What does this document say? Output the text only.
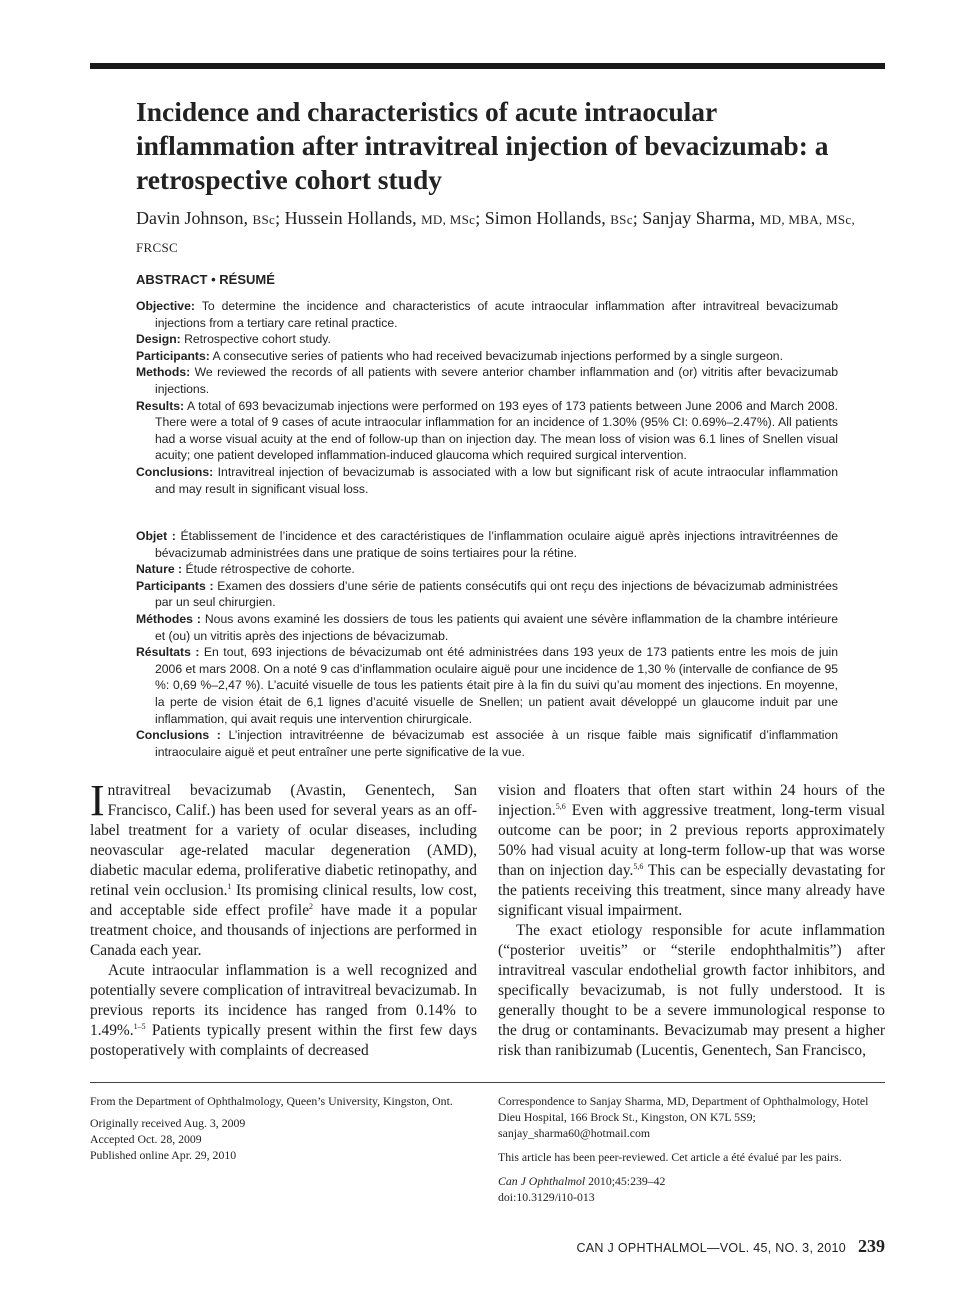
Incidence and characteristics of acute intraocular inflammation after intravitreal injection of bevacizumab: a retrospective cohort study
Davin Johnson, BSc; Hussein Hollands, MD, MSc; Simon Hollands, BSc; Sanjay Sharma, MD, MBA, MSc, FRCSC
ABSTRACT • RÉSUMÉ

Objective: To determine the incidence and characteristics of acute intraocular inflammation after intravitreal bevacizumab injections from a tertiary care retinal practice.

Design: Retrospective cohort study.

Participants: A consecutive series of patients who had received bevacizumab injections performed by a single surgeon.

Methods: We reviewed the records of all patients with severe anterior chamber inflammation and (or) vitritis after bevacizumab injections.

Results: A total of 693 bevacizumab injections were performed on 193 eyes of 173 patients between June 2006 and March 2008. There were a total of 9 cases of acute intraocular inflammation for an incidence of 1.30% (95% CI: 0.69%–2.47%). All patients had a worse visual acuity at the end of follow-up than on injection day. The mean loss of vision was 6.1 lines of Snellen visual acuity; one patient developed inflammation-induced glaucoma which required surgical intervention.

Conclusions: Intravitreal injection of bevacizumab is associated with a low but significant risk of acute intraocular inflammation and may result in significant visual loss.

Objet : Établissement de l’incidence et des caractéristiques de l’inflammation oculaire aiguë après injections intravitréennes de bévacizumab administrées dans une pratique de soins tertiaires pour la rétine.

Nature : Étude rétrospective de cohorte.

Participants : Examen des dossiers d’une série de patients consécutifs qui ont reçu des injections de bévacizumab administrées par un seul chirurgien.

Méthodes : Nous avons examiné les dossiers de tous les patients qui avaient une sévère inflammation de la chambre intérieure et (ou) un vitritis après des injections de bévacizumab.

Résultats : En tout, 693 injections de bévacizumab ont été administrées dans 193 yeux de 173 patients entre les mois de juin 2006 et mars 2008. On a noté 9 cas d’inflammation oculaire aiguë pour une incidence de 1,30 % (intervalle de confiance de 95 %: 0,69 %–2,47 %). L’acuité visuelle de tous les patients était pire à la fin du suivi qu’au moment des injections. En moyenne, la perte de vision était de 6,1 lignes d’acuité visuelle de Snellen; un patient avait développé un glaucome induit par une inflammation, qui avait requis une intervention chirurgicale.

Conclusions : L’injection intravitréenne de bévacizumab est associée à un risque faible mais significatif d’inflammation intraoculaire aiguë et peut entraîner une perte significative de la vue.

Intravitreal bevacizumab (Avastin, Genentech, San Francisco, Calif.) has been used for several years as an off-label treatment for a variety of ocular diseases, including neovascular age-related macular degeneration (AMD), diabetic macular edema, proliferative diabetic retinopathy, and retinal vein occlusion.$^1$ Its promising clinical results, low cost, and acceptable side effect profile$^2$ have made it a popular treatment choice, and thousands of injections are performed in Canada each year.

Acute intraocular inflammation is a well recognized and potentially severe complication of intravitreal bevacizumab. In previous reports its incidence has ranged from 0.14% to 1.49%.$^{1-5}$ Patients typically present within the first few days postoperatively with complaints of decreased

vision and floaters that often start within 24 hours of the injection.$^{5,6}$ Even with aggressive treatment, long-term visual outcome can be poor; in 2 previous reports approximately 50% had visual acuity at long-term follow-up that was worse than on injection day.$^{5,6}$ This can be especially devastating for the patients receiving this treatment, since many already have significant visual impairment.

The exact etiology responsible for acute inflammation (“posterior uveitis” or “sterile endophthalmitis”) after intravitreal vascular endothelial growth factor inhibitors, and specifically bevacizumab, is not fully understood. It is generally thought to be a severe immunological response to the drug or contaminants. Bevacizumab may present a higher risk than ranibizumab (Lucentis, Genentech, San Francisco,

From the Department of Ophthalmology, Queen’s University, Kingston, Ont.

Originally received Aug. 3, 2009
Accepted Oct. 28, 2009
Published online Apr. 29, 2010

Correspondence to Sanjay Sharma, MD, Department of Ophthalmology, Hotel Dieu Hospital, 166 Brock St., Kingston, ON K7L 5S9;
sanjay_sharma60@hotmail.com

This article has been peer-reviewed. Cet article a été évalué par les pairs.

Can J Ophthalmol 2010;45:239–42
doi:10.3129/i10-013

CAN J OPHTHALMOL—VOL. 45, NO. 3, 2010 239
